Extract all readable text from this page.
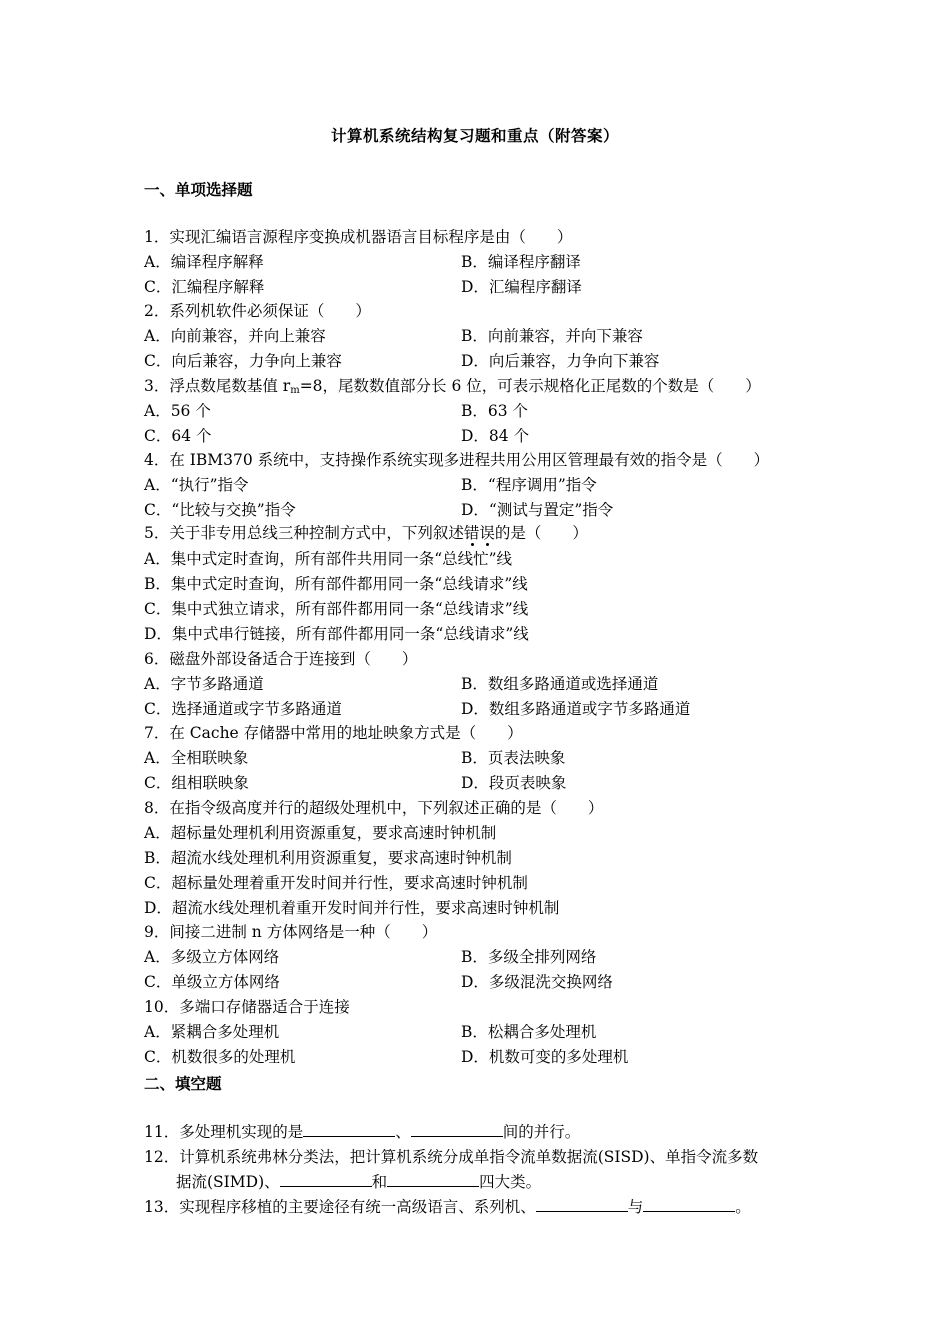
计算机系统结构复习题和重点（附答案）
一、单项选择题
1．实现汇编语言源程序变换成机器语言目标程序是由（　　）
A．编译程序解释	B．编译程序翻译
C．汇编程序解释	D．汇编程序翻译
2．系列机软件必须保证（　　）
A．向前兼容，并向上兼容	B．向前兼容，并向下兼容
C．向后兼容，力争向上兼容	D．向后兼容，力争向下兼容
3．浮点数尾数基值 $r_m=8$，尾数数值部分长 6 位，可表示规格化正尾数的个数是（　　）
A．56 个	B．63 个
C．64 个	D．84 个
4．在 IBM370 系统中，支持操作系统实现多进程共用公用区管理最有效的指令是（　　）
A．“执行”指令	B．“程序调用”指令
C．“比较与交换”指令	D．“测试与置定”指令
5．关于非专用总线三种控制方式中，下列叙述错误的是（　　）
A．集中式定时查询，所有部件共用同一条“总线忙”线
B．集中式定时查询，所有部件都用同一条“总线请求”线
C．集中式独立请求，所有部件都用同一条“总线请求”线
D．集中式串行链接，所有部件都用同一条“总线请求”线
6．磁盘外部设备适合于连接到（　　）
A．字节多路通道	B．数组多路通道或选择通道
C．选择通道或字节多路通道	D．数组多路通道或字节多路通道
7．在 Cache 存储器中常用的地址映象方式是（　　）
A．全相联映象	B．页表法映象
C．组相联映象	D．段页表映象
8．在指令级高度并行的超级处理机中，下列叙述正确的是（　　）
A．超标量处理机利用资源重复，要求高速时钟机制
B．超流水线处理机利用资源重复，要求高速时钟机制
C．超标量处理着重开发时间并行性，要求高速时钟机制
D．超流水线处理机着重开发时间并行性，要求高速时钟机制
9．间接二进制 n 方体网络是一种（　　）
A．多级立方体网络	B．多级全排列网络
C．单级立方体网络	D．多级混洗交换网络
10．多端口存储器适合于连接
A．紧耦合多处理机	B．松耦合多处理机
C．机数很多的处理机	D．机数可变的多处理机
二、填空题
11．多处理机实现的是	、	间的并行。
12．计算机系统弗林分类法，把计算机系统分成单指令流单数据流(SISD)、单指令流多数
据流(SIMD)、	和	四大类。
13．实现程序移植的主要途径有统一高级语言、系列机、	与	。
